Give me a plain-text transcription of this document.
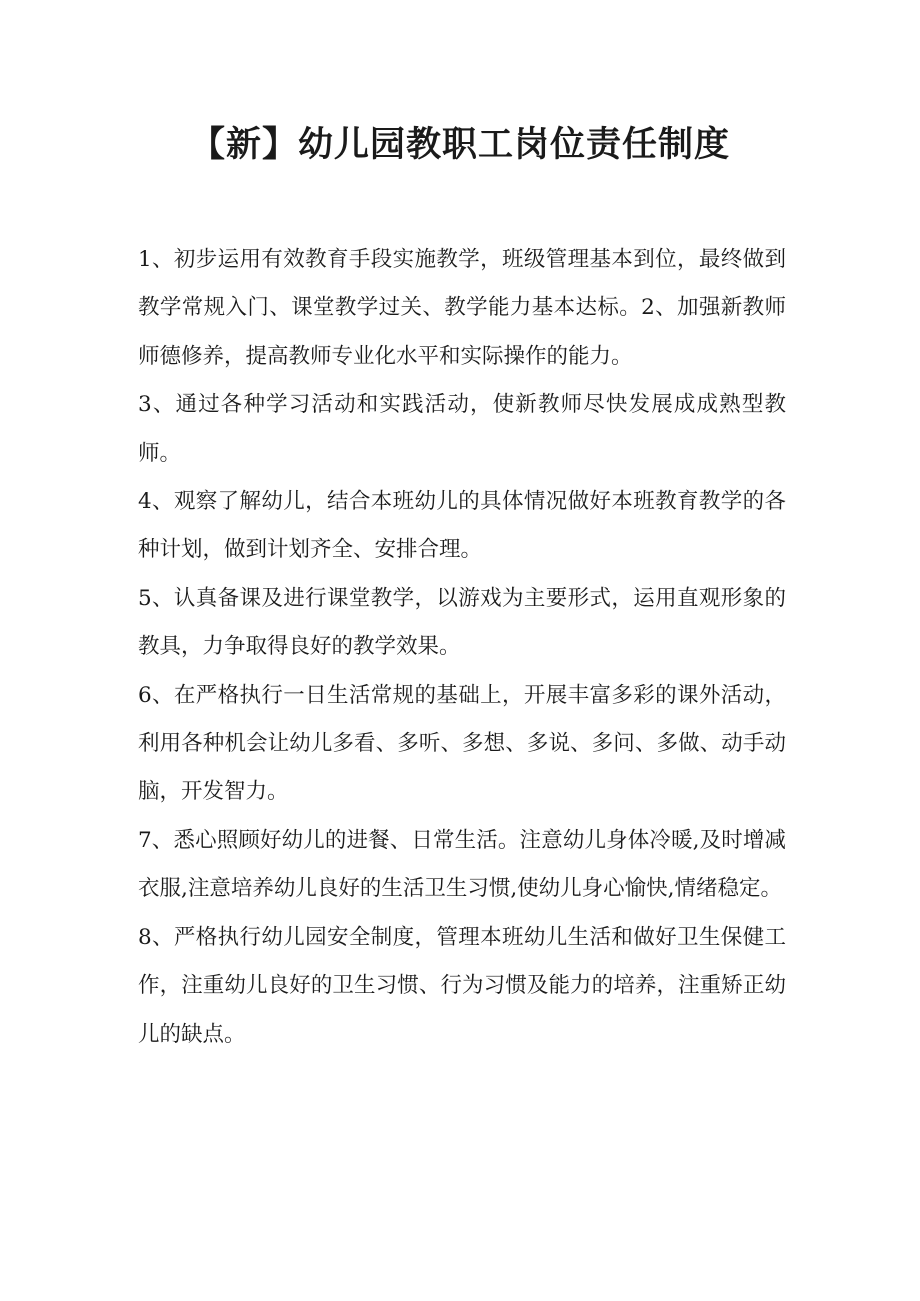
【新】幼儿园教职工岗位责任制度

1、初步运用有效教育手段实施教学，班级管理基本到位，最终做到教学常规入门、课堂教学过关、教学能力基本达标。2、加强新教师师德修养，提高教师专业化水平和实际操作的能力。

3、通过各种学习活动和实践活动，使新教师尽快发展成成熟型教师。

4、观察了解幼儿，结合本班幼儿的具体情况做好本班教育教学的各种计划，做到计划齐全、安排合理。

5、认真备课及进行课堂教学，以游戏为主要形式，运用直观形象的教具，力争取得良好的教学效果。

6、在严格执行一日生活常规的基础上，开展丰富多彩的课外活动，利用各种机会让幼儿多看、多听、多想、多说、多问、多做、动手动脑，开发智力。

7、悉心照顾好幼儿的进餐、日常生活。注意幼儿身体冷暖,及时增减衣服,注意培养幼儿良好的生活卫生习惯,使幼儿身心愉快,情绪稳定。

8、严格执行幼儿园安全制度，管理本班幼儿生活和做好卫生保健工作，注重幼儿良好的卫生习惯、行为习惯及能力的培养，注重矫正幼儿的缺点。
